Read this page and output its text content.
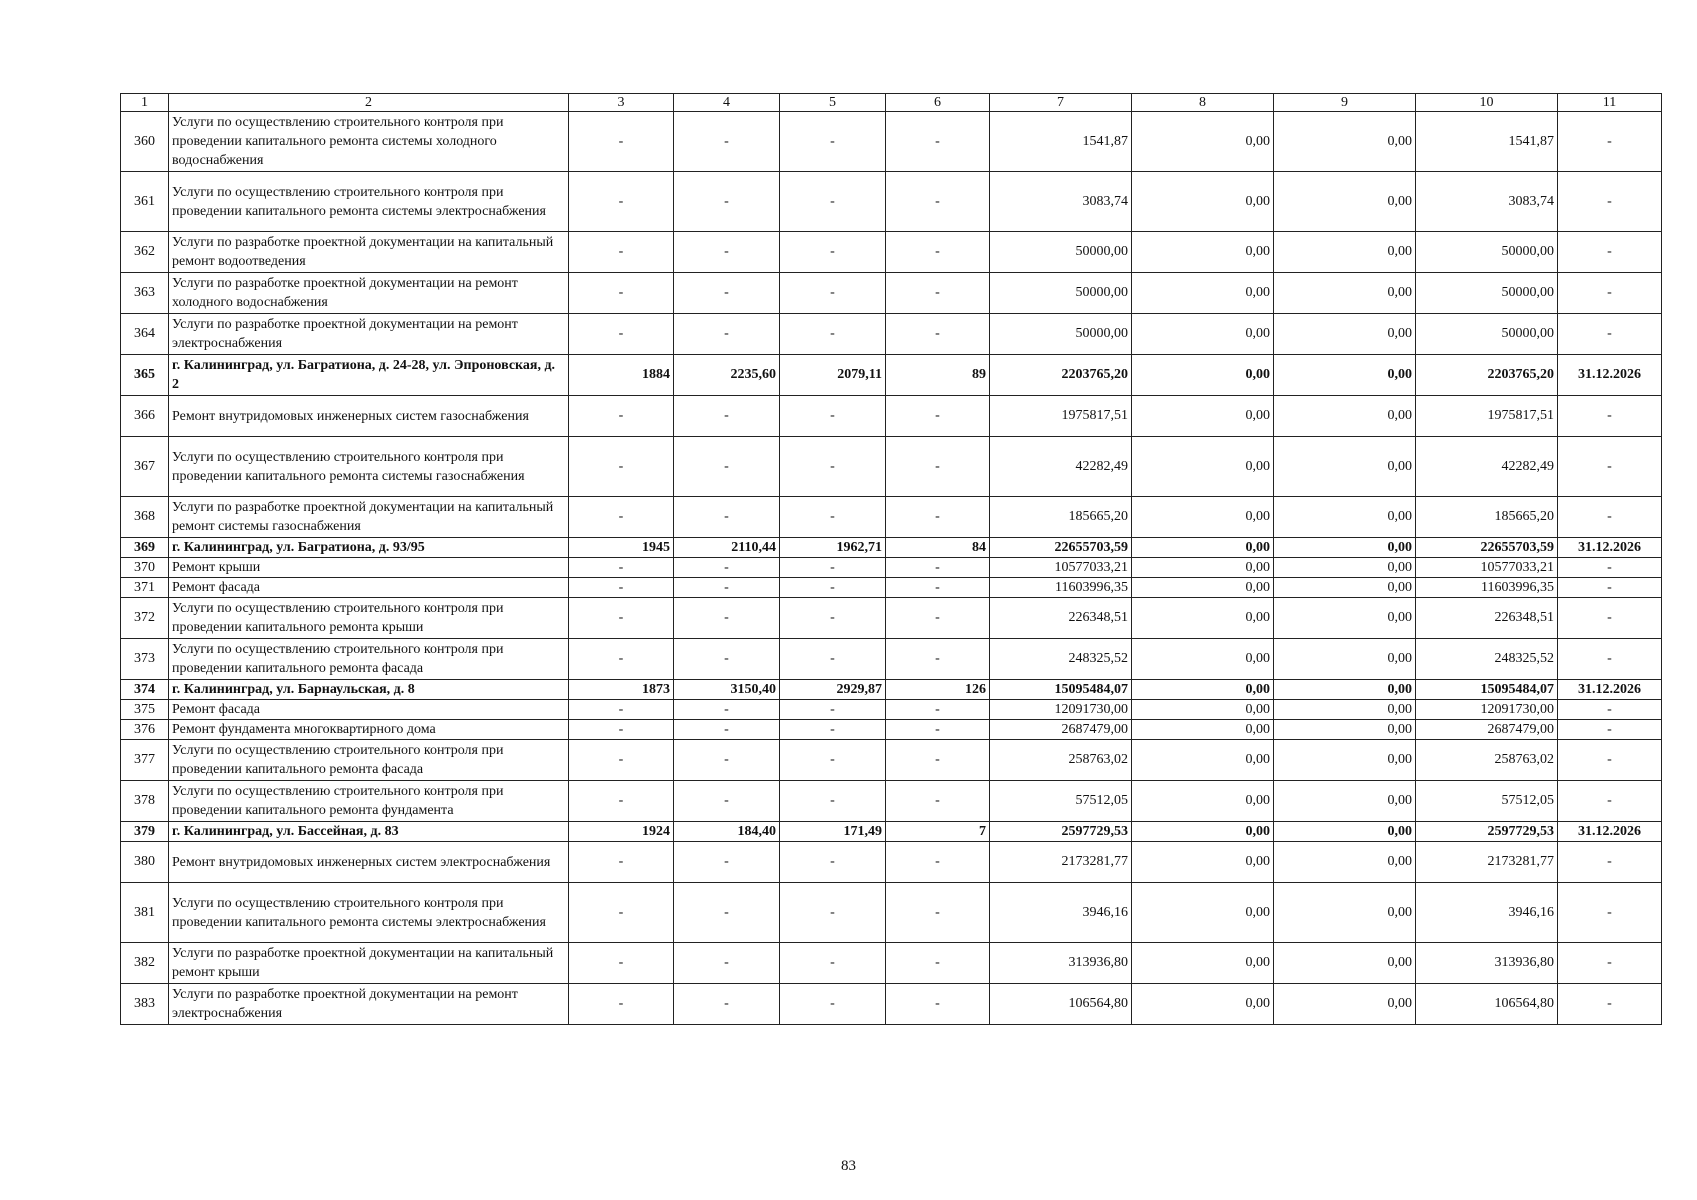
1	2	3	4	5	6	7	8	9	10	11
360	Услуги по осуществлению строительного контроля при проведении капитального ремонта системы холодного водоснабжения	-	-	-	-	1541,87	0,00	0,00	1541,87	-
361	Услуги по осуществлению строительного контроля при проведении капитального ремонта системы электроснабжения	-	-	-	-	3083,74	0,00	0,00	3083,74	-
362	Услуги по разработке проектной документации на капитальный ремонт водоотведения	-	-	-	-	50000,00	0,00	0,00	50000,00	-
363	Услуги по разработке проектной документации на ремонт холодного водоснабжения	-	-	-	-	50000,00	0,00	0,00	50000,00	-
364	Услуги по разработке проектной документации на ремонт электроснабжения	-	-	-	-	50000,00	0,00	0,00	50000,00	-
365	г. Калининград, ул. Багратиона, д. 24-28, ул. Эпроновская, д. 2	1884	2235,60	2079,11	89	2203765,20	0,00	0,00	2203765,20	31.12.2026
366	Ремонт внутридомовых инженерных систем газоснабжения	-	-	-	-	1975817,51	0,00	0,00	1975817,51	-
367	Услуги по осуществлению строительного контроля при проведении капитального ремонта системы газоснабжения	-	-	-	-	42282,49	0,00	0,00	42282,49	-
368	Услуги по разработке проектной документации на капитальный ремонт системы газоснабжения	-	-	-	-	185665,20	0,00	0,00	185665,20	-
369	г. Калининград, ул. Багратиона, д. 93/95	1945	2110,44	1962,71	84	22655703,59	0,00	0,00	22655703,59	31.12.2026
370	Ремонт крыши	-	-	-	-	10577033,21	0,00	0,00	10577033,21	-
371	Ремонт фасада	-	-	-	-	11603996,35	0,00	0,00	11603996,35	-
372	Услуги по осуществлению строительного контроля при проведении капитального ремонта крыши	-	-	-	-	226348,51	0,00	0,00	226348,51	-
373	Услуги по осуществлению строительного контроля при проведении капитального ремонта фасада	-	-	-	-	248325,52	0,00	0,00	248325,52	-
374	г. Калининград, ул. Барнаульская, д. 8	1873	3150,40	2929,87	126	15095484,07	0,00	0,00	15095484,07	31.12.2026
375	Ремонт фасада	-	-	-	-	12091730,00	0,00	0,00	12091730,00	-
376	Ремонт фундамента многоквартирного дома	-	-	-	-	2687479,00	0,00	0,00	2687479,00	-
377	Услуги по осуществлению строительного контроля при проведении капитального ремонта фасада	-	-	-	-	258763,02	0,00	0,00	258763,02	-
378	Услуги по осуществлению строительного контроля при проведении капитального ремонта фундамента	-	-	-	-	57512,05	0,00	0,00	57512,05	-
379	г. Калининград, ул. Бассейная, д. 83	1924	184,40	171,49	7	2597729,53	0,00	0,00	2597729,53	31.12.2026
380	Ремонт внутридомовых инженерных систем электроснабжения	-	-	-	-	2173281,77	0,00	0,00	2173281,77	-
381	Услуги по осуществлению строительного контроля при проведении капитального ремонта системы электроснабжения	-	-	-	-	3946,16	0,00	0,00	3946,16	-
382	Услуги по разработке проектной документации на капитальный ремонт крыши	-	-	-	-	313936,80	0,00	0,00	313936,80	-
383	Услуги по разработке проектной документации на ремонт электроснабжения	-	-	-	-	106564,80	0,00	0,00	106564,80	-
83
